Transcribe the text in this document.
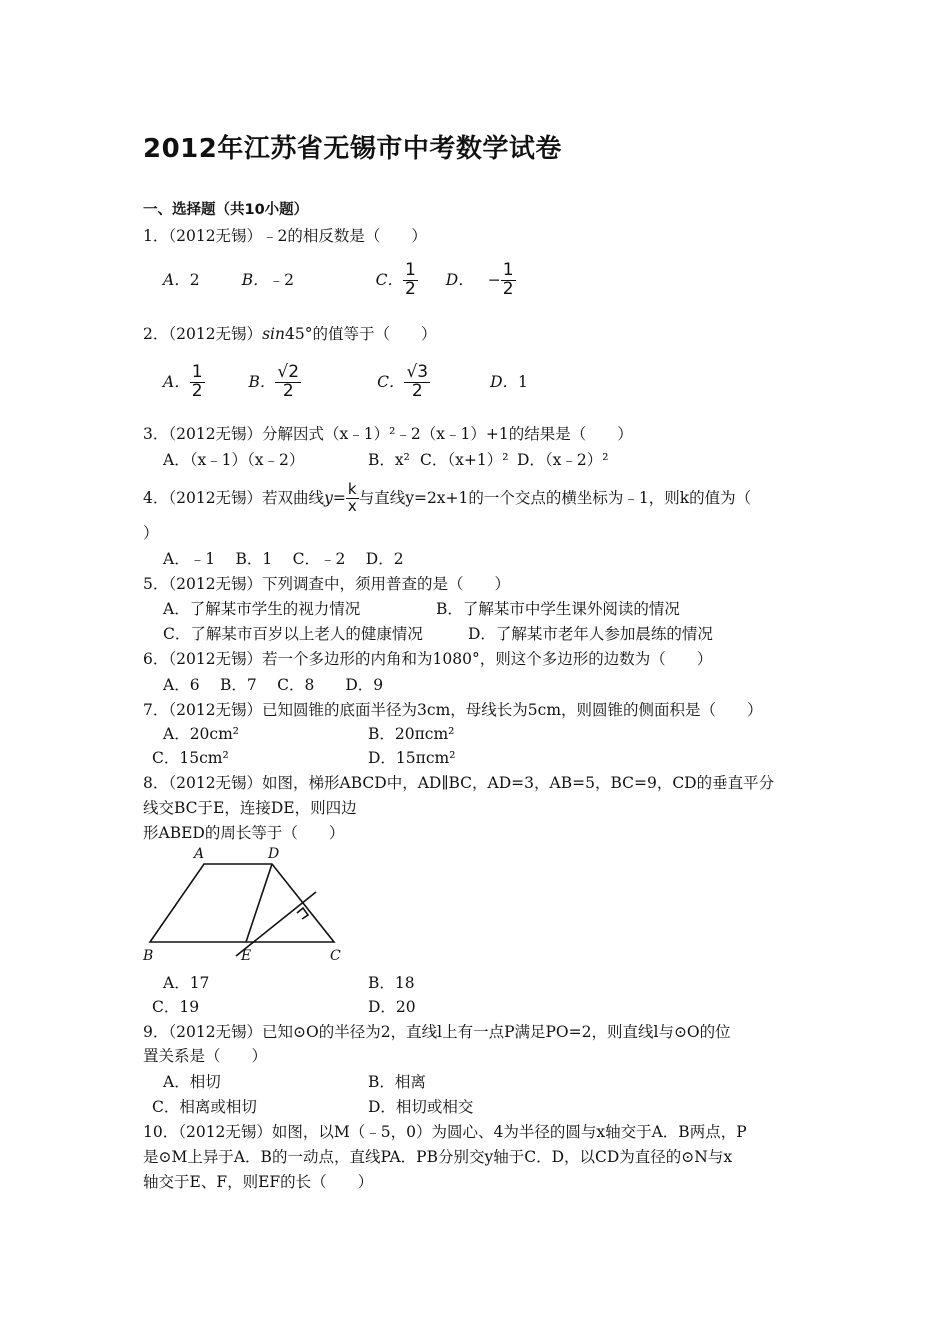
2012年江苏省无锡市中考数学试卷
一、选择题（共10小题）
1．（2012无锡）﹣2的相反数是（　　）
A． 2	B． ﹣2	C． $\frac{1}{2}$ D． − $\frac{1}{2}$
2．（2012无锡）sin45°的值等于（　　）
A． $\frac{1}{2}$	B． $\frac{√2}{2}$	C． $\frac{√3}{2}$	D． 1
3．（2012无锡）分解因式（x﹣1）²﹣2（x﹣1）+1的结果是（　　）
A．（x﹣1）（x﹣2）	B．x² C．（x+1）² D．（x﹣2）²
4．（2012无锡）若双曲线 $y= \frac{k}{x}$ 与直线y=2x+1的一个交点的横坐标为﹣1，则k的值为（
）
A．﹣1　 B．1　 C．﹣2　 D．2
5．（2012无锡）下列调查中，须用普查的是（　　）
A．了解某市学生的视力情况	B．了解某市中学生课外阅读的情况
C．了解某市百岁以上老人的健康情况	D．了解某市老年人参加晨练的情况
6．（2012无锡）若一个多边形的内角和为1080°，则这个多边形的边数为（　　）
A．6　 B．7　 C．8　　D．9
7．（2012无锡）已知圆锥的底面半径为3cm，母线长为5cm，则圆锥的侧面积是（　　）
A．20cm²	B．20πcm²
C．15cm²	D．15πcm²
8．（2012无锡）如图，梯形ABCD中，AD∥BC，AD=3，AB=5，BC=9，CD的垂直平分
线交BC于E，连接DE，则四边
形ABED的周长等于（　　）
A	D
B	E	C
A．17	B．18
C．19	D．20
9．（2012无锡）已知⊙O的半径为2，直线l上有一点P满足PO=2，则直线l与⊙O的位
置关系是（　　）
A．相切	B．相离
C．相离或相切	D．相切或相交
10．（2012无锡）如图，以M（﹣5，0）为圆心、4为半径的圆与x轴交于A．B两点，P
是⊙M上异于A．B的一动点，直线PA．PB分别交y轴于C．D，以CD为直径的⊙N与x
轴交于E、F，则EF的长（　　）
